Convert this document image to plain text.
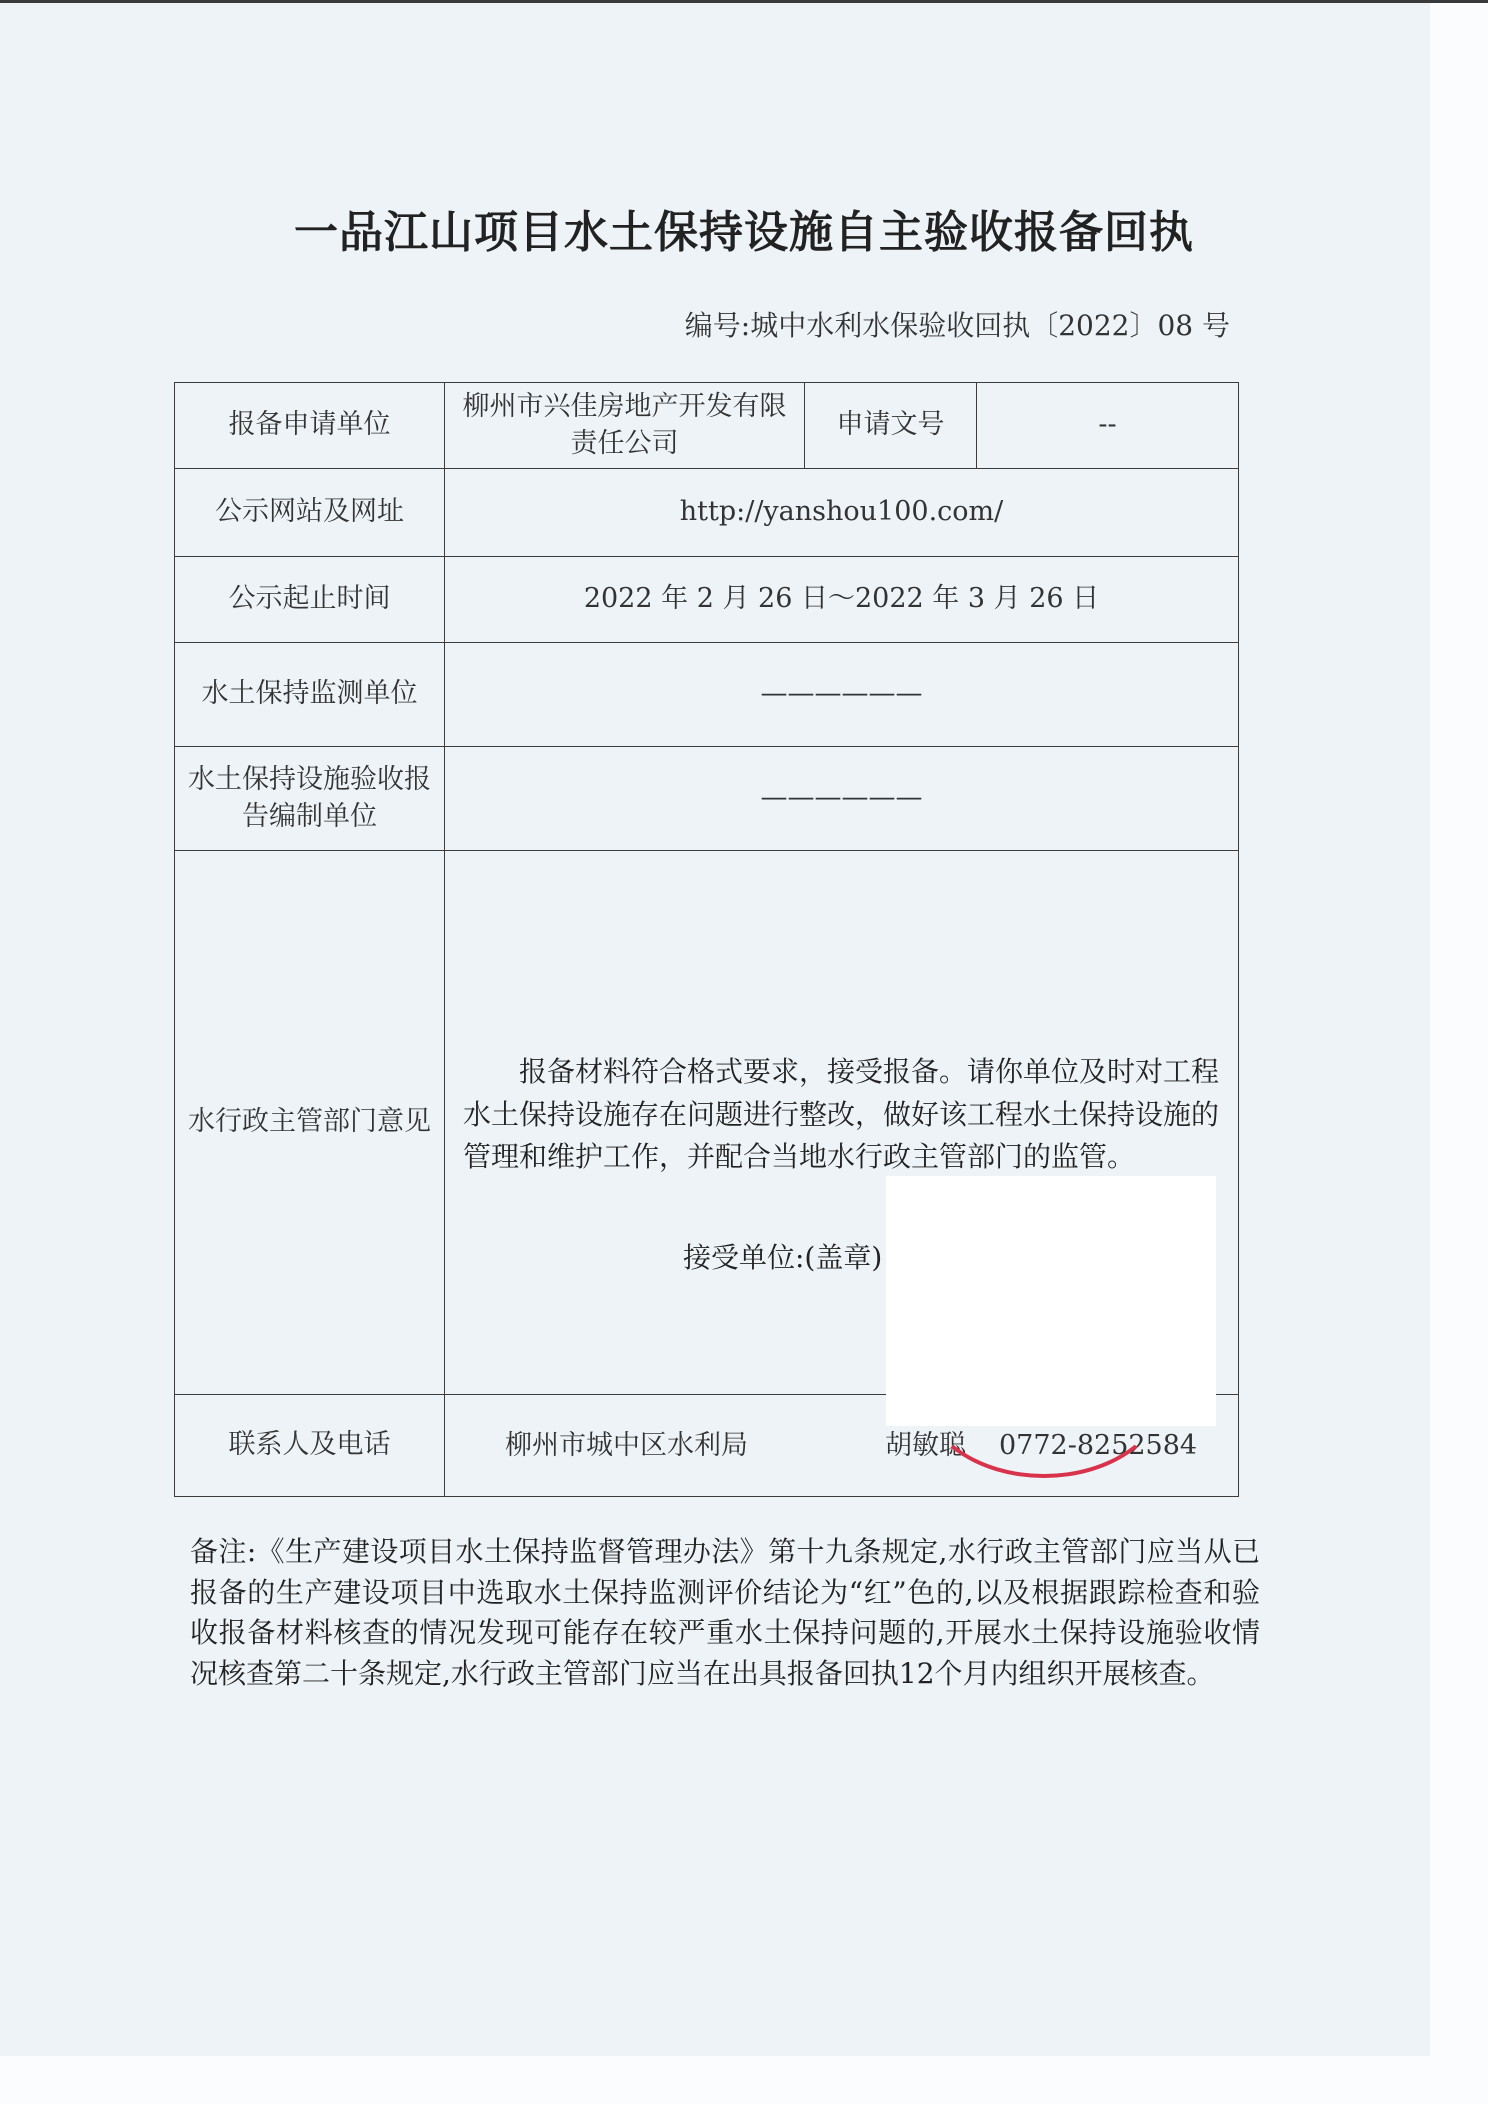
一品江山项目水土保持设施自主验收报备回执
编号:城中水利水保验收回执〔2022〕08 号
报备申请单位	柳州市兴佳房地产开发有限责任公司	申请文号	--
公示网站及网址	http://yanshou100.com/		
公示起止时间	2022 年 2 月 26 日～2022 年 3 月 26 日		
水土保持监测单位	——————		
水土保持设施验收报告编制单位	——————		
水行政主管部门意见	报备材料符合格式要求，接受报备。请你单位及时对工程水土保持设施存在问题进行整改，做好该工程水土保持设施的管理和维护工作，并配合当地水行政主管部门的监管。
接受单位:(盖章)		

联系人及电话	柳州市城中区水利局 胡敏聪 0772-8252584		
备注:《生产建设项目水土保持监督管理办法》第十九条规定,水行政主管部门应当从已报备的生产建设项目中选取水土保持监测评价结论为“红”色的,以及根据跟踪检查和验收报备材料核查的情况发现可能存在较严重水土保持问题的,开展水土保持设施验收情况核查第二十条规定,水行政主管部门应当在出具报备回执12个月内组织开展核查。
